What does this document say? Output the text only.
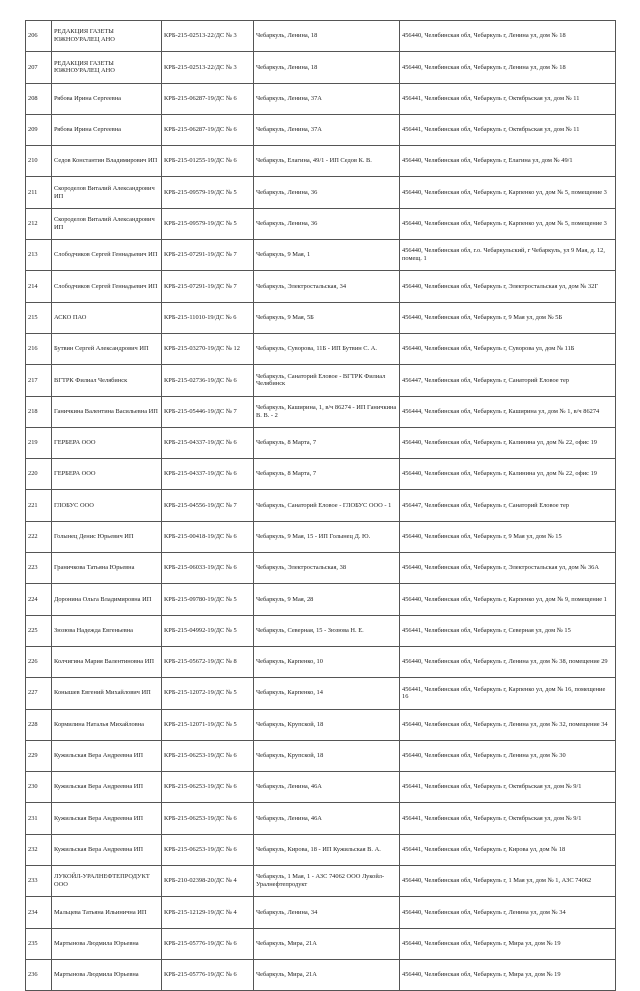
206	РЕДАКЦИЯ ГАЗЕТЫ ЮЖНОУРАЛЕЦ АНО	КРБ-215-02513-22/ДС № 3	Чебаркуль, Ленина, 18	456440, Челябинская обл, Чебаркуль г, Ленина ул, дом № 18
207	РЕДАКЦИЯ ГАЗЕТЫ ЮЖНОУРАЛЕЦ АНО	КРБ-215-02513-22/ДС № 3	Чебаркуль, Ленина, 18	456440, Челябинская обл, Чебаркуль г, Ленина ул, дом № 18
208	Рябова Ирина Сергеевна	КРБ-215-06287-19/ДС № 6	Чебаркуль, Ленина, 37А	456441, Челябинская обл, Чебаркуль г, Октябрьская ул, дом № 11
209	Рябова Ирина Сергеевна	КРБ-215-06287-19/ДС № 6	Чебаркуль, Ленина, 37А	456441, Челябинская обл, Чебаркуль г, Октябрьская ул, дом № 11
210	Седов Константин Владимирович ИП	КРБ-215-01255-19/ДС № 6	Чебаркуль, Елагина, 49/1 - ИП Седов К. В.	456440, Челябинская обл, Чебаркуль г, Елагина ул, дом № 49/1
211	Скороделов Виталий Александрович ИП	КРБ-215-09579-19/ДС № 5	Чебаркуль, Ленина, 36	456440, Челябинская обл, Чебаркуль г, Карпенко ул, дом № 5, помещение 3
212	Скороделов Виталий Александрович ИП	КРБ-215-09579-19/ДС № 5	Чебаркуль, Ленина, 36	456440, Челябинская обл, Чебаркуль г, Карпенко ул, дом № 5, помещение 3
213	Слободчиков Сергей Геннадьевич ИП	КРБ-215-07291-19/ДС № 7	Чебаркуль, 9 Мая, 1	456440, Челябинская обл, г.о. Чебаркульский, г Чебаркуль, ул 9 Мая, д. 12, помещ. 1
214	Слободчиков Сергей Геннадьевич ИП	КРБ-215-07291-19/ДС № 7	Чебаркуль, Электростальская, 34	456440, Челябинская обл, Чебаркуль г, Электростальская ул, дом № 32Г
215	АСКО ПАО	КРБ-215-11010-19/ДС № 6	Чебаркуль, 9 Мая, 5Б	456440, Челябинская обл, Чебаркуль г, 9 Мая ул, дом № 5Б
216	Бутвин Сергей Александрович ИП	КРБ-215-03270-19/ДС № 12	Чебаркуль, Суворова, 11Б - ИП Бутвин С. А.	456440, Челябинская обл, Чебаркуль г, Суворова ул, дом № 11Б
217	ВГТРК Филиал Челябинск	КРБ-215-02736-19/ДС № 6	Чебаркуль, Санаторий Еловое - ВГТРК Филиал Челябинск	456447, Челябинская обл, Чебаркуль г, Санаторий Еловое тер
218	Ганичкина Валентина Васильевна ИП	КРБ-215-05446-19/ДС № 7	Чебаркуль, Каширина, 1, в/ч 86274 - ИП Ганичкина В. В. - 2	456444, Челябинская обл, Чебаркуль г, Каширина ул, дом № 1, в/ч 86274
219	ГЕРБЕРА ООО	КРБ-215-04337-19/ДС № 6	Чебаркуль, 8 Марта, 7	456440, Челябинская обл, Чебаркуль г, Калинина ул, дом № 22, офис 19
220	ГЕРБЕРА ООО	КРБ-215-04337-19/ДС № 6	Чебаркуль, 8 Марта, 7	456440, Челябинская обл, Чебаркуль г, Калинина ул, дом № 22, офис 19
221	ГЛОБУС ООО	КРБ-215-04556-19/ДС № 7	Чебаркуль, Санаторий Еловое - ГЛОБУС ООО - 1	456447, Челябинская обл, Чебаркуль г, Санаторий Еловое тер
222	Голынец Денис Юрьевич ИП	КРБ-215-00418-19/ДС № 6	Чебаркуль, 9 Мая, 15 - ИП Голынец Д. Ю.	456440, Челябинская обл, Чебаркуль г, 9 Мая ул, дом № 15
223	Граничкова Татьяна Юрьевна	КРБ-215-06033-19/ДС № 6	Чебаркуль, Электростальская, 38	456440, Челябинская обл, Чебаркуль г, Электростальская ул, дом № 36А
224	Доронина Ольга Владимировна ИП	КРБ-215-09780-19/ДС № 5	Чебаркуль, 9 Мая, 28	456440, Челябинская обл, Чебаркуль г, Карпенко ул, дом № 9, помещение 1
225	Зюзюва Надежда Евгеньевна	КРБ-215-04992-19/ДС № 5	Чебаркуль, Северная, 15 - Зюзюва Н. Е.	456441, Челябинская обл, Чебаркуль г, Северная ул, дом № 15
226	Колчигина Мария Валентиновна ИП	КРБ-215-05672-19/ДС № 8	Чебаркуль, Карпенко, 10	456440, Челябинская обл, Чебаркуль г, Ленина ул, дом № 38, помещение 29
227	Конышев Евгений Михайлович ИП	КРБ-215-12072-19/ДС № 5	Чебаркуль, Карпенко, 14	456441, Челябинская обл, Чебаркуль г, Карпенко ул, дом № 16, помещение 16
228	Кормилина Наталья Михайловна	КРБ-215-12071-19/ДС № 5	Чебаркуль, Крупской, 18	456440, Челябинская обл, Чебаркуль г, Ленина ул, дом № 32, помещение 34
229	Кужильская Вера Андреевна ИП	КРБ-215-06253-19/ДС № 6	Чебаркуль, Крупской, 18	456440, Челябинская обл, Чебаркуль г, Ленина ул, дом № 30
230	Кужильская Вера Андреевна ИП	КРБ-215-06253-19/ДС № 6	Чебаркуль, Ленина, 46А	456441, Челябинская обл, Чебаркуль г, Октябрьская ул, дом № 9/1
231	Кужильская Вера Андреевна ИП	КРБ-215-06253-19/ДС № 6	Чебаркуль, Ленина, 46А	456441, Челябинская обл, Чебаркуль г, Октябрьская ул, дом № 9/1
232	Кужильская Вера Андреевна ИП	КРБ-215-06253-19/ДС № 6	Чебаркуль, Кирова, 18 - ИП Кужильская В. А.	456441, Челябинская обл, Чебаркуль г, Кирова ул, дом № 18
233	ЛУКОЙЛ-УРАЛНЕФТЕПРОДУКТ ООО	КРБ-210-02398-20/ДС № 4	Чебаркуль, 1 Мая, 1 - АЗС 74062 ООО Лукойл-Уралнефтепродукт	456440, Челябинская обл, Чебаркуль г, 1 Мая ул, дом № 1, АЗС 74062
234	Мальцева Татьяна Ильинична ИП	КРБ-215-12129-19/ДС № 4	Чебаркуль, Ленина, 34	456440, Челябинская обл, Чебаркуль г, Ленина ул, дом № 34
235	Мартынова Людмила Юрьевна	КРБ-215-05776-19/ДС № 6	Чебаркуль, Мира, 21А	456440, Челябинская обл, Чебаркуль г, Мира ул, дом № 19
236	Мартынова Людмила Юрьевна	КРБ-215-05776-19/ДС № 6	Чебаркуль, Мира, 21А	456440, Челябинская обл, Чебаркуль г, Мира ул, дом № 19
